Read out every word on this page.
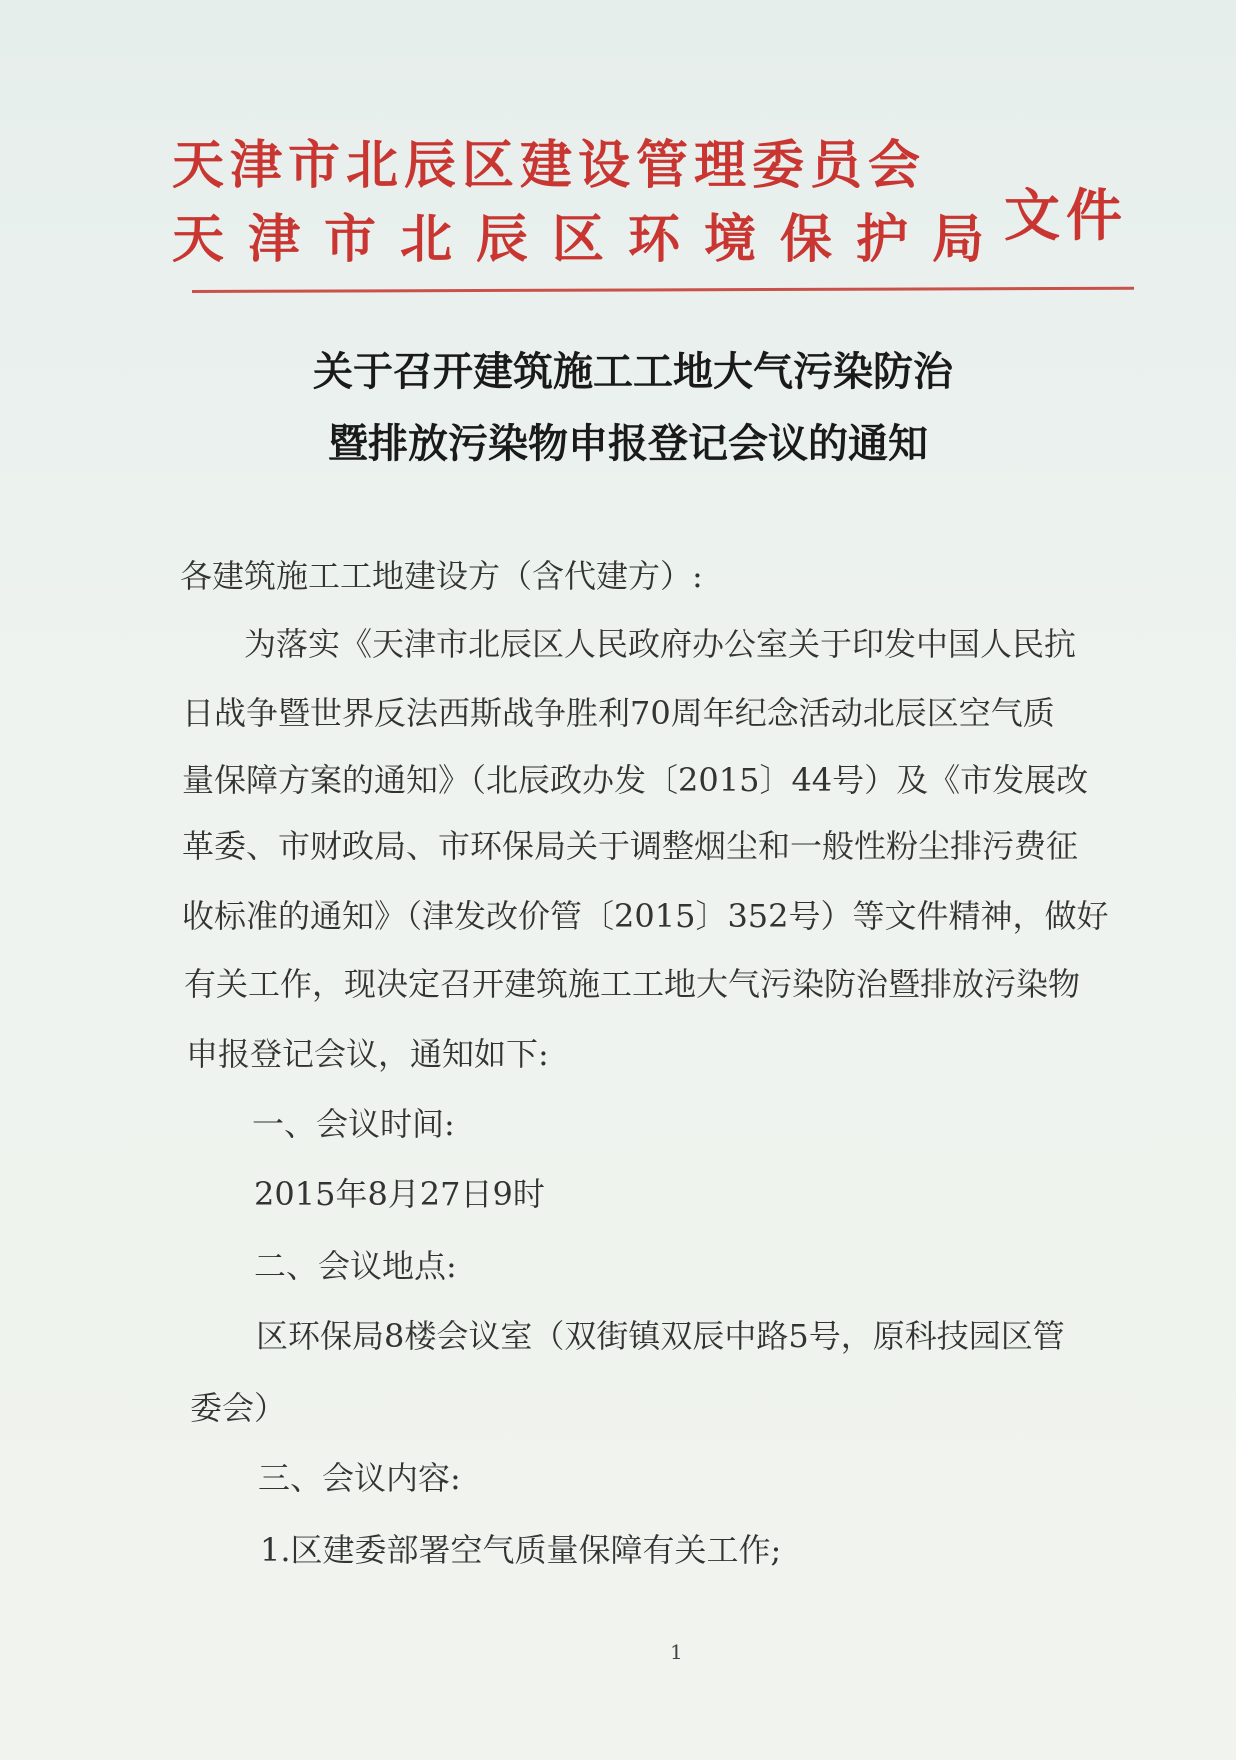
天津市北辰区建设管理委员会
天津市北辰区环境保护局
文件
关于召开建筑施工工地大气污染防治
暨排放污染物申报登记会议的通知
各建筑施工工地建设方（含代建方）:
为落实《天津市北辰区人民政府办公室关于印发中国人民抗
日战争暨世界反法西斯战争胜利70周年纪念活动北辰区空气质
量保障方案的通知》（北辰政办发〔2015〕44号）及《市发展改
革委、市财政局、市环保局关于调整烟尘和一般性粉尘排污费征
收标准的通知》（津发改价管〔2015〕352号）等文件精神，做好
有关工作，现决定召开建筑施工工地大气污染防治暨排放污染物
申报登记会议，通知如下:
一、会议时间:
2015年8月27日9时
二、会议地点:
区环保局8楼会议室（双街镇双辰中路5号，原科技园区管
委会）
三、会议内容:
1.区建委部署空气质量保障有关工作;
1
